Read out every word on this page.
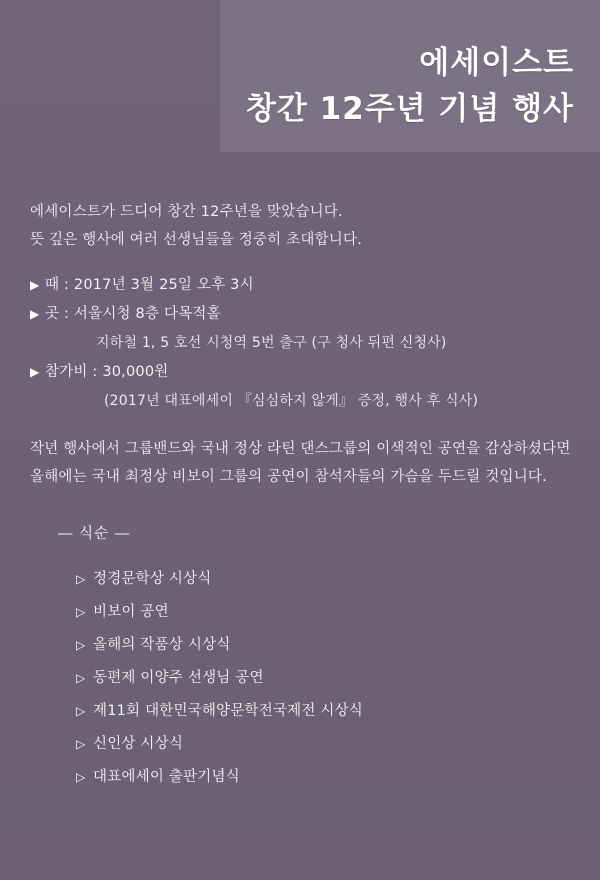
에세이스트
창간 12주년 기념 행사

에세이스트가 드디어 창간 12주년을 맞았습니다.

뜻 깊은 행사에 여러 선생님들을 정중히 초대합니다.

▶ 때 : 2017년 3월 25일 오후 3시
▶ 곳 : 서울시청 8층 다목적홀
지하철 1, 5 호선 시청역 5번 출구 (구 청사 뒤편 신청사)
▶ 참가비 : 30,000원
(2017년 대표에세이 『심심하지 않게』 증정, 행사 후 식사)

작년 행사에서 그룹밴드와 국내 정상 라틴 댄스그룹의 이색적인 공연을 감상하셨다면

올해에는 국내 최정상 비보이 그룹의 공연이 참석자들의 가슴을 두드릴 것입니다.

― 식순 ―
▷ 정경문학상 시상식
▷ 비보이 공연
▷ 올해의 작품상 시상식
▷ 동편제 이양주 선생님 공연
▷ 제11회 대한민국해양문학전국제전 시상식
▷ 신인상 시상식
▷ 대표에세이 출판기념식
